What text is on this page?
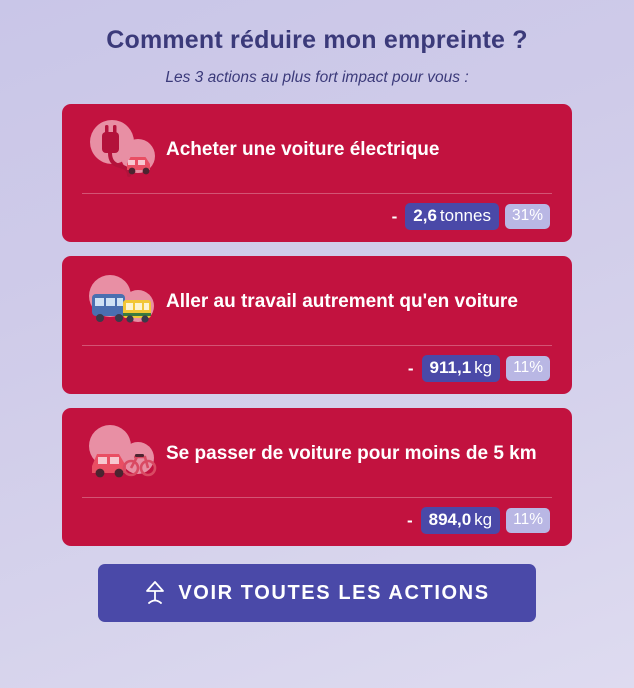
Comment réduire mon empreinte ?
Les 3 actions au plus fort impact pour vous :
Acheter une voiture électrique
- 2,6 tonnes	31%
Aller au travail autrement qu'en voiture
- 911,1 kg	11%
Se passer de voiture pour moins de 5 km
- 894,0 kg	11%
VOIR TOUTES LES ACTIONS
